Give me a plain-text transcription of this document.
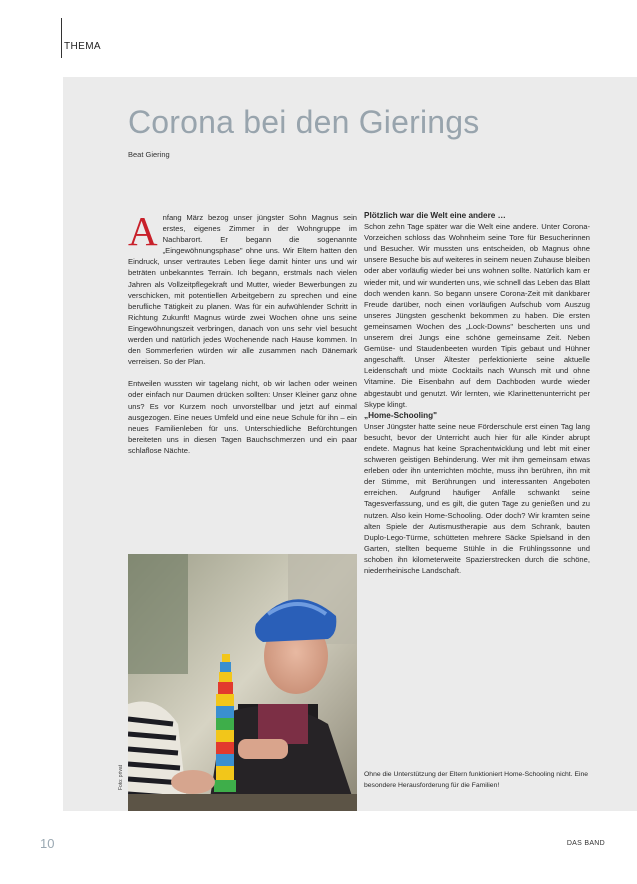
THEMA
Corona bei den Gierings
Beat Giering

Anfang März bezog unser jüngster Sohn Magnus sein erstes, eigenes Zimmer in der Wohngruppe im Nachbarort. Er begann die sogenannte „Eingewöhnungsphase" ohne uns. Wir Eltern hatten den Eindruck, unser vertrautes Leben liege damit hinter uns und wir beträten unbekanntes Terrain. Ich begann, erstmals nach vielen Jahren als Vollzeitpflegekraft und Mutter, wieder Bewerbungen zu verschicken, mit potentiellen Arbeitgebern zu sprechen und eine berufliche Tätigkeit zu planen. Was für ein aufwühlender Schritt in Richtung Zukunft! Magnus würde zwei Wochen ohne uns seine Eingewöhnungszeit verbringen, danach von uns sehr viel besucht werden und natürlich jedes Wochenende nach Hause kommen. In den Sommerferien würden wir alle zusammen nach Dänemark verreisen. So der Plan.

Entweilen wussten wir tagelang nicht, ob wir lachen oder weinen oder einfach nur Daumen drücken sollten: Unser Kleiner ganz ohne uns? Es vor Kurzem noch unvorstellbar und jetzt auf einmal ausgezogen. Eine neues Umfeld und eine neue Schule für ihn – ein neues Familienleben für uns. Unterschiedliche Befürchtungen bereiteten uns in diesen Tagen Bauchschmerzen und ein paar schlaflose Nächte.

Foto: privat

Plötzlich war die Welt eine andere …

Schon zehn Tage später war die Welt eine andere. Unter Corona-Vorzeichen schloss das Wohnheim seine Tore für Besucherinnen und Besucher. Wir mussten uns entscheiden, ob Magnus ohne unsere Besuche bis auf weiteres in seinem neuen Zuhause bleiben oder aber vorläufig wieder bei uns wohnen sollte. Natürlich kam er wieder mit, und wir wunderten uns, wie schnell das Leben das Blatt doch wenden kann. So begann unsere Corona-Zeit mit dankbarer Freude darüber, noch einen vorläufigen Aufschub vom Auszug unseres Jüngsten geschenkt bekommen zu haben. Die ersten gemeinsamen Wochen des „Lock-Downs" bescherten uns und unserem drei Jungs eine schöne gemeinsame Zeit. Neben Gemüse- und Staudenbeeten wurden Tipis gebaut und Hühner angeschafft. Unser Ältester perfektionierte seine aktuelle Leidenschaft und mixte Cocktails nach Wunsch mit und ohne Vitamine. Die Eisenbahn auf dem Dachboden wurde wieder abgestaubt und genutzt. Wir lernten, wie Klarinettenunterricht per Skype klingt.

„Home-Schooling"

Unser Jüngster hatte seine neue Förderschule erst einen Tag lang besucht, bevor der Unterricht auch hier für alle Kinder abrupt endete. Magnus hat keine Sprachentwicklung und lebt mit einer schweren geistigen Behinderung. Wer mit ihm gemeinsam etwas erleben oder ihn unterrichten möchte, muss ihn berühren, ihn mit der Stimme, mit Berührungen und interessanten Angeboten erreichen. Aufgrund häufiger Anfälle schwankt seine Tagesverfassung, und es gilt, die guten Tage zu genießen und zu nutzen. Also kein Home-Schooling. Oder doch? Wir kramten seine alten Spiele der Autismustherapie aus dem Schrank, bauten Duplo-Lego-Türme, schütteten mehrere Säcke Spielsand in den Garten, stellten bequeme Stühle in die Frühlingssonne und schoben ihn kilometerweite Spazierstrecken durch die schöne, niederrheinische Landschaft.

Ohne die Unterstützung der Eltern funktioniert Home-Schooling nicht. Eine besondere Herausforderung für die Familien!
10	DAS BAND
